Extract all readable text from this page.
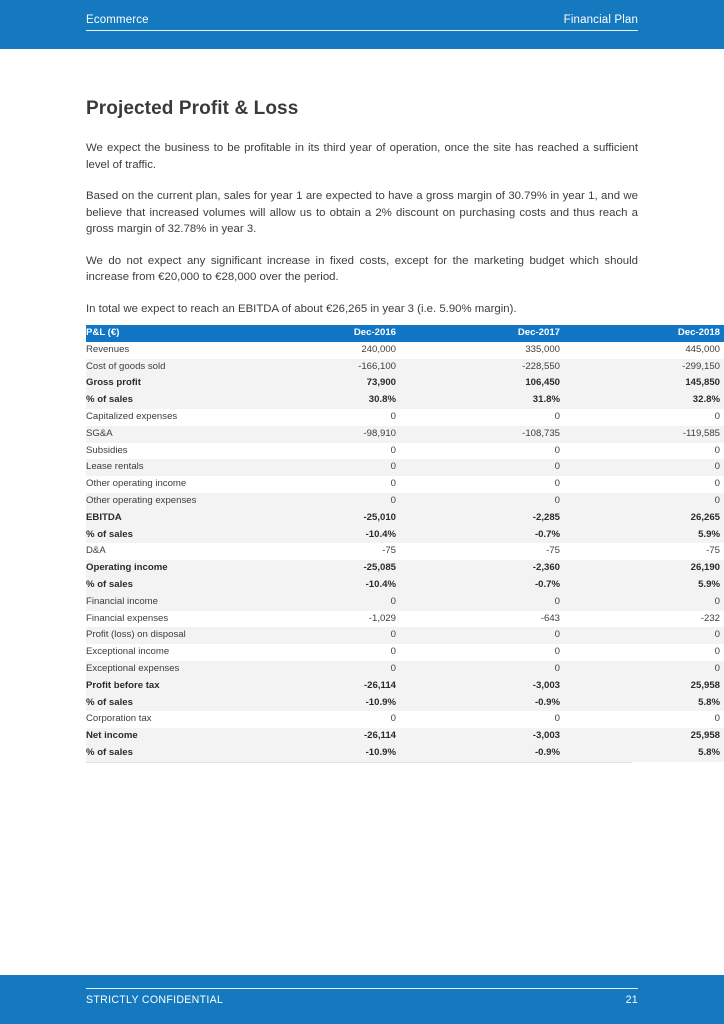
Ecommerce	Financial Plan
Projected Profit & Loss

We expect the business to be profitable in its third year of operation, once the site has reached a sufficient level of traffic.

Based on the current plan, sales for year 1 are expected to have a gross margin of 30.79% in year 1, and we believe that increased volumes will allow us to obtain a 2% discount on purchasing costs and thus reach a gross margin of 32.78% in year 3.

We do not expect any significant increase in fixed costs, except for the marketing budget which should increase from €20,000 to €28,000 over the period.

In total we expect to reach an EBITDA of about €26,265 in year 3 (i.e. 5.90% margin).

P&L (€)	Dec-2016	Dec-2017	Dec-2018
Revenues	240,000	335,000	445,000
Cost of goods sold	-166,100	-228,550	-299,150
Gross profit	73,900	106,450	145,850
% of sales	30.8%	31.8%	32.8%
Capitalized expenses	0	0	0
SG&A	-98,910	-108,735	-119,585
Subsidies	0	0	0
Lease rentals	0	0	0
Other operating income	0	0	0
Other operating expenses	0	0	0
EBITDA	-25,010	-2,285	26,265
% of sales	-10.4%	-0.7%	5.9%
D&A	-75	-75	-75
Operating income	-25,085	-2,360	26,190
% of sales	-10.4%	-0.7%	5.9%
Financial income	0	0	0
Financial expenses	-1,029	-643	-232
Profit (loss) on disposal	0	0	0
Exceptional income	0	0	0
Exceptional expenses	0	0	0
Profit before tax	-26,114	-3,003	25,958
% of sales	-10.9%	-0.9%	5.8%
Corporation tax	0	0	0
Net income	-26,114	-3,003	25,958
% of sales	-10.9%	-0.9%	5.8%
STRICTLY CONFIDENTIAL	21
